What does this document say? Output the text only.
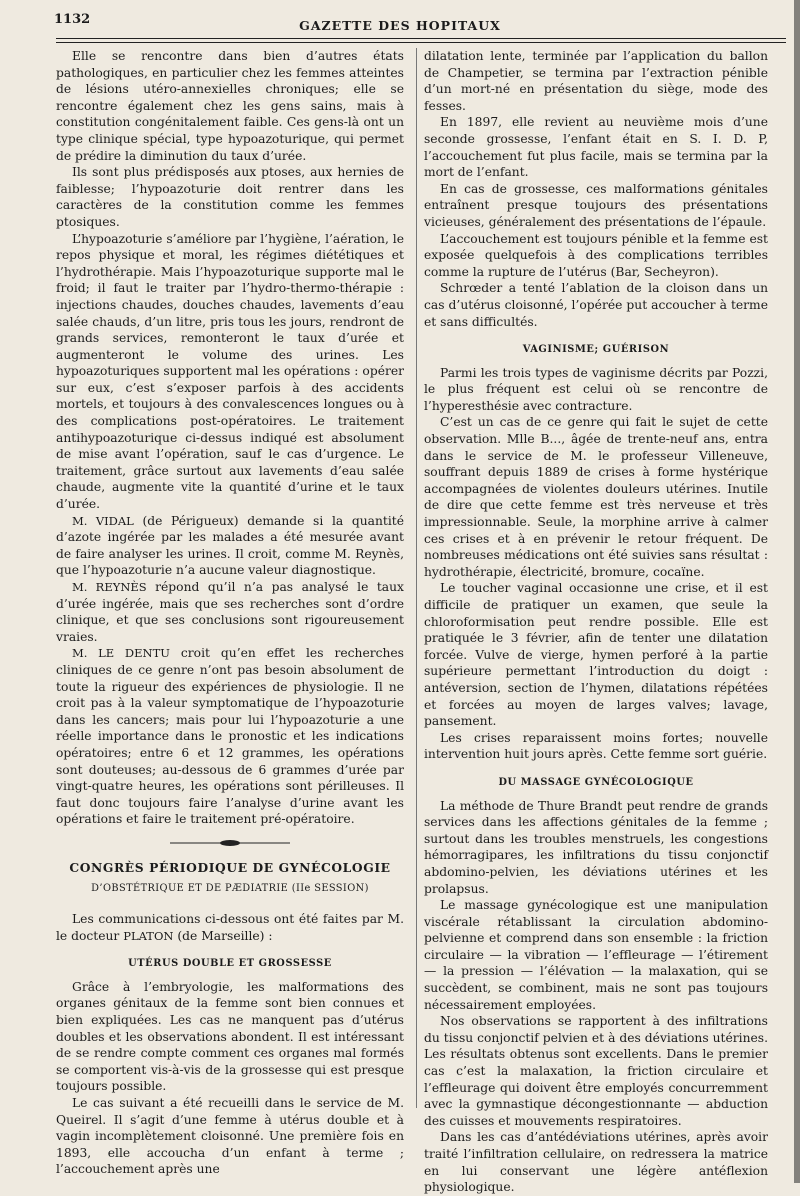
1132	GAZETTE DES HOPITAUX

Elle se rencontre dans bien d’autres états pathologiques, en particulier chez les femmes atteintes de lésions utéro-annexielles chroniques; elle se rencontre également chez les gens sains, mais à constitution congénitalement faible. Ces gens-là ont un type clinique spécial, type hypoazoturique, qui permet de prédire la diminution du taux d’urée.

Ils sont plus prédisposés aux ptoses, aux hernies de faiblesse; l’hypoazoturie doit rentrer dans les caractères de la constitution comme les femmes ptosiques.

L’hypoazoturie s’améliore par l’hygiène, l’aération, le repos physique et moral, les régimes diététiques et l’hydrothérapie. Mais l’hypoazoturique supporte mal le froid; il faut le traiter par l’hydro-thermo-thérapie : injections chaudes, douches chaudes, lavements d’eau salée chauds, d’un litre, pris tous les jours, rendront de grands services, remonteront le taux d’urée et augmenteront le volume des urines. Les hypoazoturiques supportent mal les opérations : opérer sur eux, c’est s’exposer parfois à des accidents mortels, et toujours à des convalescences longues ou à des complications post-opératoires. Le traitement antihypoazoturique ci-dessus indiqué est absolument de mise avant l’opération, sauf le cas d’urgence. Le traitement, grâce surtout aux lavements d’eau salée chaude, augmente vite la quantité d’urine et le taux d’urée.

M. VIDAL (de Périgueux) demande si la quantité d’azote ingérée par les malades a été mesurée avant de faire analyser les urines. Il croit, comme M. Reynès, que l’hypoazoturie n’a aucune valeur diagnostique.

M. REYNÈS répond qu’il n’a pas analysé le taux d’urée ingérée, mais que ses recherches sont d’ordre clinique, et que ses conclusions sont rigoureusement vraies.

M. LE DENTU croit qu’en effet les recherches cliniques de ce genre n’ont pas besoin absolument de toute la rigueur des expériences de physiologie. Il ne croit pas à la valeur symptomatique de l’hypoazoturie dans les cancers; mais pour lui l’hypoazoturie a une réelle importance dans le pronostic et les indications opératoires; entre 6 et 12 grammes, les opérations sont douteuses; au-dessous de 6 grammes d’urée par vingt-quatre heures, les opérations sont périlleuses. Il faut donc toujours faire l’analyse d’urine avant les opérations et faire le traitement pré-opératoire.

CONGRÈS PÉRIODIQUE DE GYNÉCOLOGIE
D’OBSTÉTRIQUE ET DE PÆDIATRIE (IIe SESSION)

Les communications ci-dessous ont été faites par M. le docteur PLATON (de Marseille) :

UTÉRUS DOUBLE ET GROSSESSE

Grâce à l’embryologie, les malformations des organes génitaux de la femme sont bien connues et bien expliquées. Les cas ne manquent pas d’utérus doubles et les observations abondent. Il est intéressant de se rendre compte comment ces organes mal formés se comportent vis-à-vis de la grossesse qui est presque toujours possible.

Le cas suivant a été recueilli dans le service de M. Queirel. Il s’agit d’une femme à utérus double et à vagin incomplètement cloisonné. Une première fois en 1893, elle accoucha d’un enfant à terme ; l’accouchement après une

dilatation lente, terminée par l’application du ballon de Champetier, se termina par l’extraction pénible d’un mort-né en présentation du siège, mode des fesses.

En 1897, elle revient au neuvième mois d’une seconde grossesse, l’enfant était en S. I. D. P, l’accouchement fut plus facile, mais se termina par la mort de l’enfant.

En cas de grossesse, ces malformations génitales entraînent presque toujours des présentations vicieuses, généralement des présentations de l’épaule.

L’accouchement est toujours pénible et la femme est exposée quelquefois à des complications terribles comme la rupture de l’utérus (Bar, Secheyron).

Schrœder a tenté l’ablation de la cloison dans un cas d’utérus cloisonné, l’opérée put accoucher à terme et sans difficultés.

VAGINISME; GUÉRISON

Parmi les trois types de vaginisme décrits par Pozzi, le plus fréquent est celui où se rencontre de l’hyperesthésie avec contracture.

C’est un cas de ce genre qui fait le sujet de cette observation. Mlle B..., âgée de trente-neuf ans, entra dans le service de M. le professeur Villeneuve, souffrant depuis 1889 de crises à forme hystérique accompagnées de violentes douleurs utérines. Inutile de dire que cette femme est très nerveuse et très impressionnable. Seule, la morphine arrive à calmer ces crises et à en prévenir le retour fréquent. De nombreuses médications ont été suivies sans résultat : hydrothérapie, électricité, bromure, cocaïne.

Le toucher vaginal occasionne une crise, et il est difficile de pratiquer un examen, que seule la chloroformisation peut rendre possible. Elle est pratiquée le 3 février, afin de tenter une dilatation forcée. Vulve de vierge, hymen perforé à la partie supérieure permettant l’introduction du doigt : antéversion, section de l’hymen, dilatations répétées et forcées au moyen de larges valves; lavage, pansement.

Les crises reparaissent moins fortes; nouvelle intervention huit jours après. Cette femme sort guérie.

DU MASSAGE GYNÉCOLOGIQUE

La méthode de Thure Brandt peut rendre de grands services dans les affections génitales de la femme ; surtout dans les troubles menstruels, les congestions hémorragipares, les infiltrations du tissu conjonctif abdomino-pelvien, les déviations utérines et les prolapsus.

Le massage gynécologique est une manipulation viscérale rétablissant la circulation abdomino-pelvienne et comprend dans son ensemble : la friction circulaire — la vibration — l’effleurage — l’étirement — la pression — l’élévation — la malaxation, qui se succèdent, se combinent, mais ne sont pas toujours nécessairement employées.

Nos observations se rapportent à des infiltrations du tissu conjonctif pelvien et à des déviations utérines. Les résultats obtenus sont excellents. Dans le premier cas c’est la malaxation, la friction circulaire et l’effleurage qui doivent être employés concurremment avec la gymnastique décongestionnante — abduction des cuisses et mouvements respiratoires.

Dans les cas d’antédéviations utérines, après avoir traité l’infiltration cellulaire, on redressera la matrice en lui conservant une légère antéflexion physiologique.
